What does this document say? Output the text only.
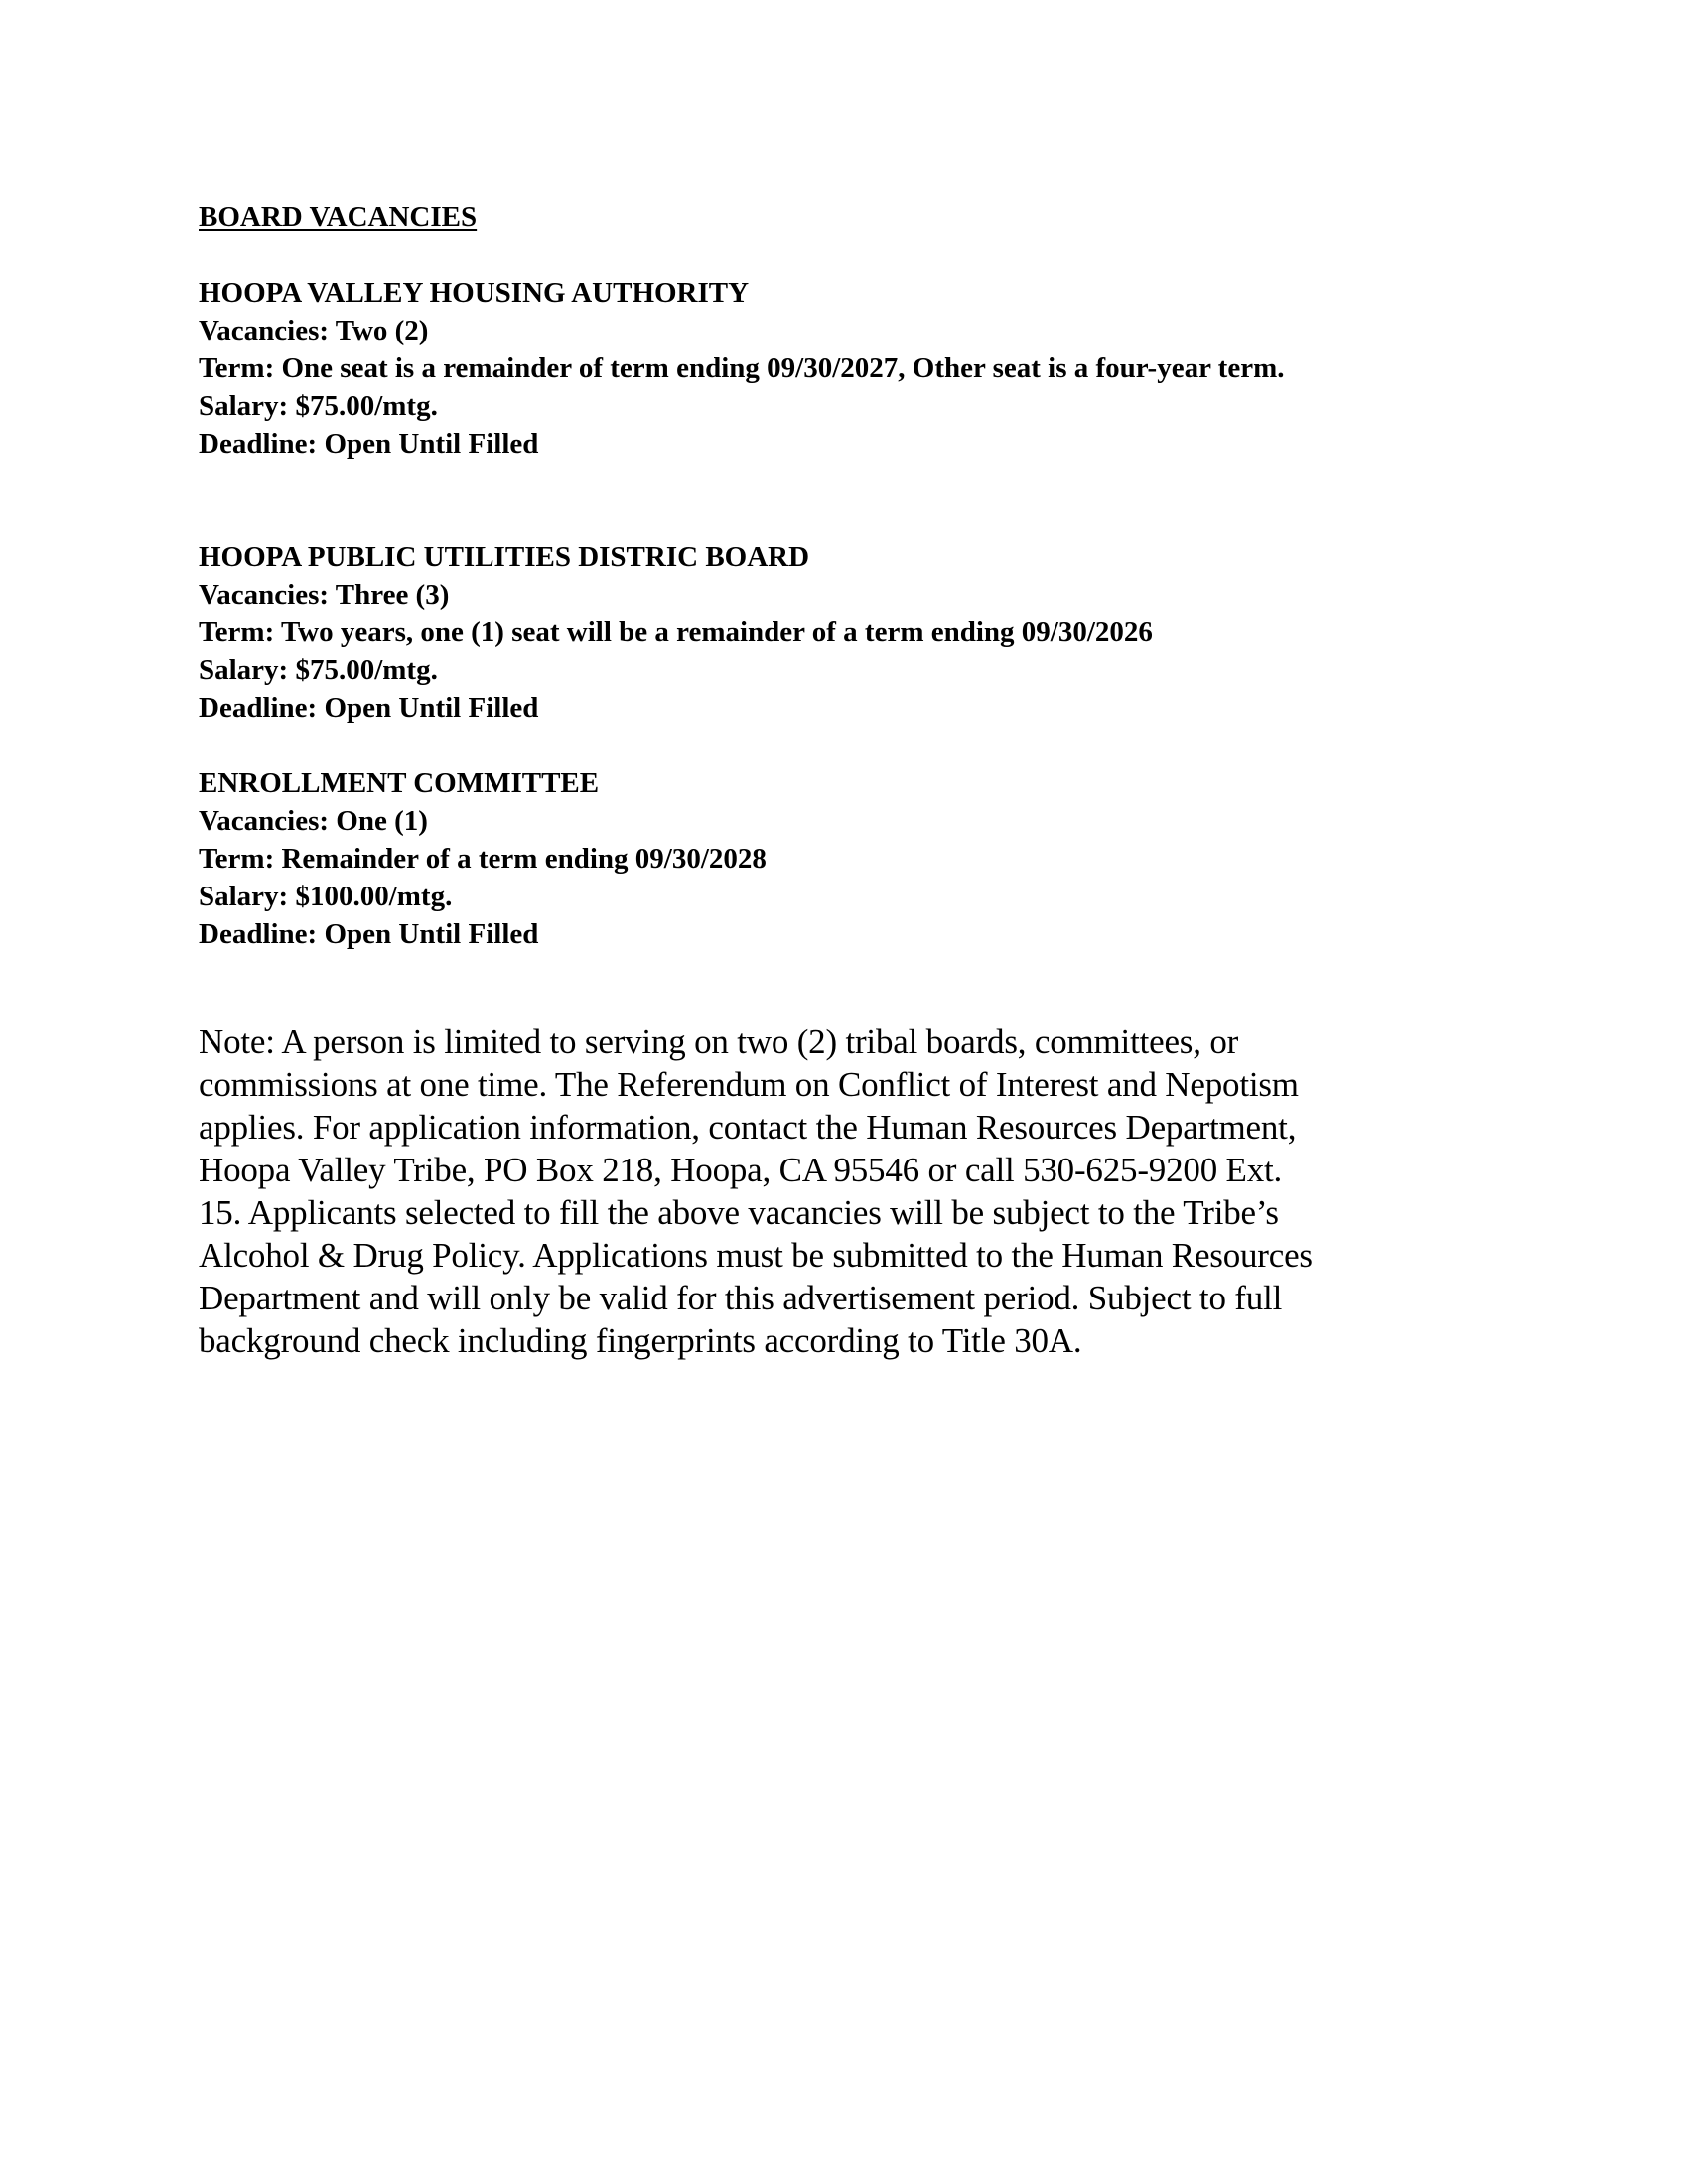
BOARD VACANCIES
HOOPA VALLEY HOUSING AUTHORITY
Vacancies: Two (2)
Term: One seat is a remainder of term ending 09/30/2027, Other seat is a four-year term.
Salary: $75.00/mtg.
Deadline: Open Until Filled
HOOPA PUBLIC UTILITIES DISTRIC BOARD
Vacancies: Three (3)
Term: Two years, one (1) seat will be a remainder of a term ending 09/30/2026
Salary: $75.00/mtg.
Deadline: Open Until Filled
ENROLLMENT COMMITTEE
Vacancies: One (1)
Term: Remainder of a term ending 09/30/2028
Salary: $100.00/mtg.
Deadline: Open Until Filled
Note: A person is limited to serving on two (2) tribal boards, committees, or
commissions at one time. The Referendum on Conflict of Interest and Nepotism
applies. For application information, contact the Human Resources Department,
Hoopa Valley Tribe, PO Box 218, Hoopa, CA 95546 or call 530-625-9200 Ext.
15. Applicants selected to fill the above vacancies will be subject to the Tribe’s
Alcohol & Drug Policy. Applications must be submitted to the Human Resources
Department and will only be valid for this advertisement period. Subject to full
background check including fingerprints according to Title 30A.
